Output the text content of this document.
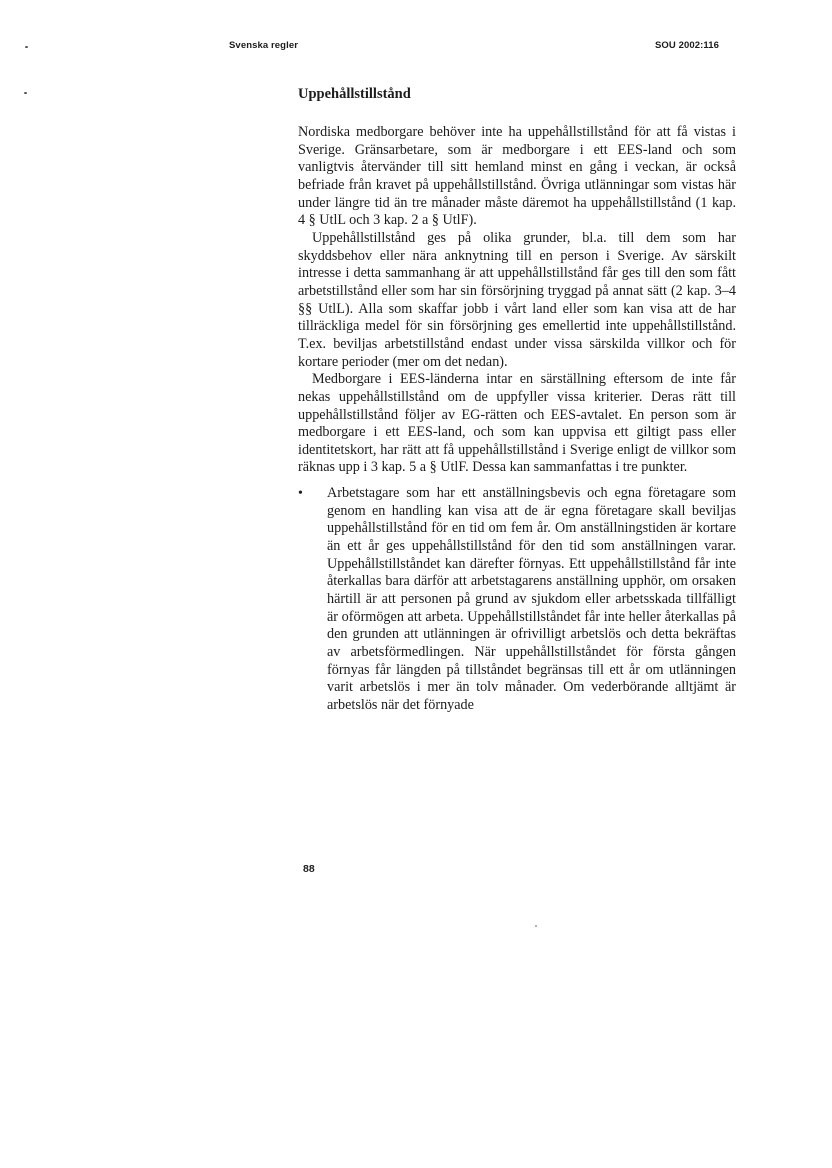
Svenska regler	SOU 2002:116
Uppehållstillstånd

Nordiska medborgare behöver inte ha uppehållstillstånd för att få vistas i Sverige. Gränsarbetare, som är medborgare i ett EES-land och som vanligtvis återvänder till sitt hemland minst en gång i veckan, är också befriade från kravet på uppehållstillstånd. Övriga utlänningar som vistas här under längre tid än tre månader måste däremot ha uppehållstillstånd (1 kap. 4 § UtlL och 3 kap. 2 a § UtlF).

Uppehållstillstånd ges på olika grunder, bl.a. till dem som har skyddsbehov eller nära anknytning till en person i Sverige. Av särskilt intresse i detta sammanhang är att uppehållstillstånd får ges till den som fått arbetstillstånd eller som har sin försörjning tryggad på annat sätt (2 kap. 3–4 §§ UtlL). Alla som skaffar jobb i vårt land eller som kan visa att de har tillräckliga medel för sin försörjning ges emellertid inte uppehållstillstånd. T.ex. beviljas arbetstillstånd endast under vissa särskilda villkor och för kortare perioder (mer om det nedan).

Medborgare i EES-länderna intar en särställning eftersom de inte får nekas uppehållstillstånd om de uppfyller vissa kriterier. Deras rätt till uppehållstillstånd följer av EG-rätten och EES-avtalet. En person som är medborgare i ett EES-land, och som kan uppvisa ett giltigt pass eller identitetskort, har rätt att få uppehållstillstånd i Sverige enligt de villkor som räknas upp i 3 kap. 5 a § UtlF. Dessa kan sammanfattas i tre punkter.

• Arbetstagare som har ett anställningsbevis och egna företagare som genom en handling kan visa att de är egna företagare skall beviljas uppehållstillstånd för en tid om fem år. Om anställningstiden är kortare än ett år ges uppehållstillstånd för den tid som anställningen varar. Uppehållstillståndet kan därefter förnyas. Ett uppehållstillstånd får inte återkallas bara därför att arbetstagarens anställning upphör, om orsaken härtill är att personen på grund av sjukdom eller arbetsskada tillfälligt är oförmögen att arbeta. Uppehållstillståndet får inte heller återkallas på den grunden att utlänningen är ofrivilligt arbetslös och detta bekräftas av arbetsförmedlingen. När uppehållstillståndet för första gången förnyas får längden på tillståndet begränsas till ett år om utlänningen varit arbetslös i mer än tolv månader. Om vederbörande alltjämt är arbetslös när det förnyade
88
